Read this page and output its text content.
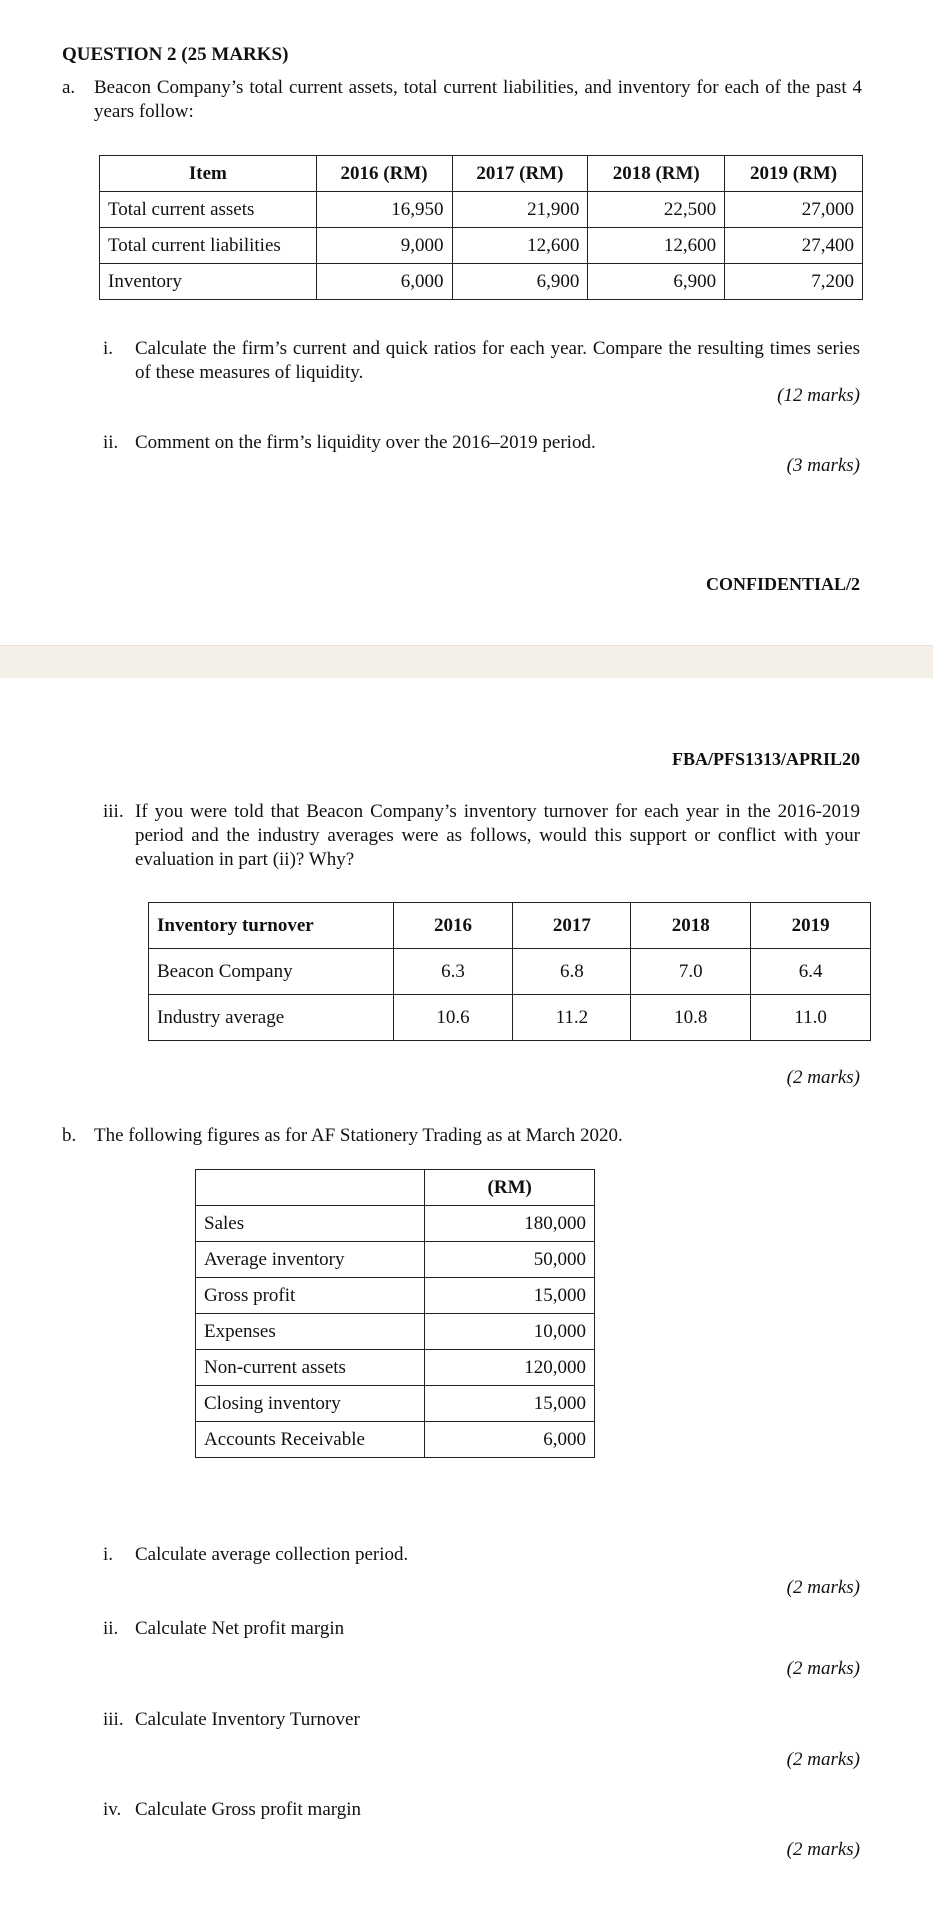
QUESTION 2 (25 MARKS)
a. Beacon Company’s total current assets, total current liabilities, and inventory for each of the past 4 years follow:
Item	2016 (RM)	2017 (RM)	2018 (RM)	2019 (RM)
Total current assets	16,950	21,900	22,500	27,000
Total current liabilities	9,000	12,600	12,600	27,400
Inventory	6,000	6,900	6,900	7,200
i.	Calculate the firm’s current and quick ratios for each year. Compare the resulting times series of these measures of liquidity.
(12 marks)
ii. Comment on the firm’s liquidity over the 2016–2019 period.
(3 marks)
CONFIDENTIAL/2
FBA/PFS1313/APRIL20
iii. If you were told that Beacon Company’s inventory turnover for each year in the 2016-2019 period and the industry averages were as follows, would this support or conflict with your evaluation in part (ii)? Why?
Inventory turnover	2016	2017	2018	2019
Beacon Company	6.3	6.8	7.0	6.4
Industry average	10.6	11.2	10.8	11.0
(2 marks)
b. The following figures as for AF Stationery Trading as at March 2020.
	(RM)
Sales	180,000
Average inventory	50,000
Gross profit	15,000
Expenses	10,000
Non-current assets	120,000
Closing inventory	15,000
Accounts Receivable	6,000
i.	Calculate average collection period.
(2 marks)
ii. Calculate Net profit margin
(2 marks)
iii. Calculate Inventory Turnover
(2 marks)
iv. Calculate Gross profit margin
(2 marks)
